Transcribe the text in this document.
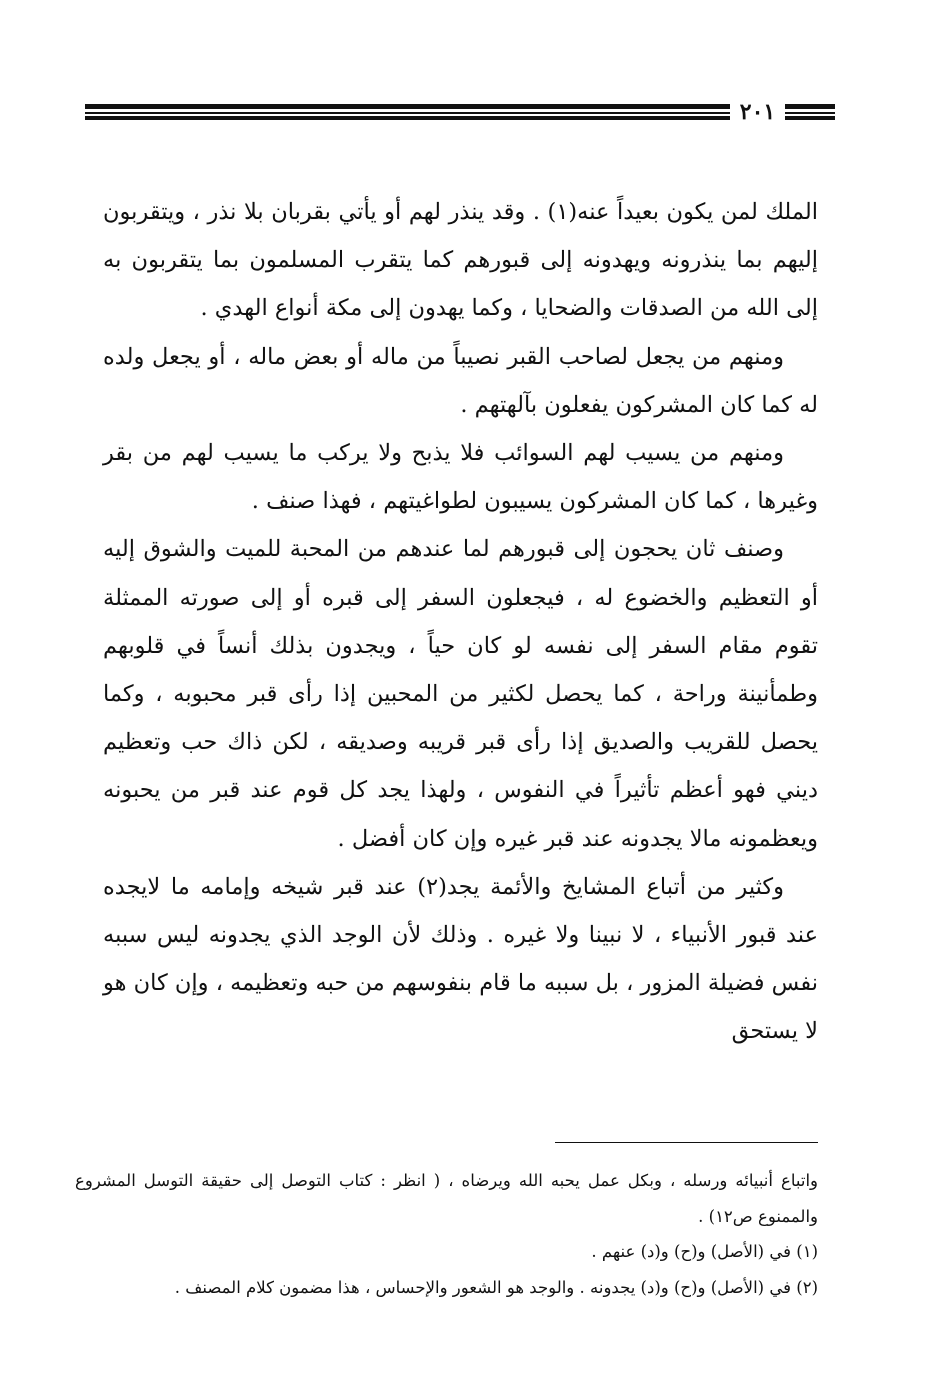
٢٠١

الملك لمن يكون بعيداً عنه(١) . وقد ينذر لهم أو يأتي بقربان بلا نذر ، ويتقربون إليهم بما ينذرونه ويهدونه إلى قبورهم كما يتقرب المسلمون بما يتقربون به إلى الله من الصدقات والضحايا ، وكما يهدون إلى مكة أنواع الهدي .

ومنهم من يجعل لصاحب القبر نصيباً من ماله أو بعض ماله ، أو يجعل ولده له كما كان المشركون يفعلون بآلهتهم .

ومنهم من يسيب لهم السوائب فلا يذبح ولا يركب ما يسيب لهم من بقر وغيرها ، كما كان المشركون يسيبون لطواغيتهم ، فهذا صنف .

وصنف ثان يحجون إلى قبورهم لما عندهم من المحبة للميت والشوق إليه أو التعظيم والخضوع له ، فيجعلون السفر إلى قبره أو إلى صورته الممثلة تقوم مقام السفر إلى نفسه لو كان حياً ، ويجدون بذلك أنساً في قلوبهم وطمأنينة وراحة ، كما يحصل لكثير من المحبين إذا رأى قبر محبوبه ، وكما يحصل للقريب والصديق إذا رأى قبر قريبه وصديقه ، لكن ذاك حب وتعظيم ديني فهو أعظم تأثيراً في النفوس ، ولهذا يجد كل قوم عند قبر من يحبونه ويعظمونه مالا يجدونه عند قبر غيره وإن كان أفضل .

وكثير من أتباع المشايخ والأئمة يجد(٢) عند قبر شيخه وإمامه ما لايجده عند قبور الأنبياء ، لا نبينا ولا غيره . وذلك لأن الوجد الذي يجدونه ليس سببه نفس فضيلة المزور ، بل سببه ما قام بنفوسهم من حبه وتعظيمه ، وإن كان هو لا يستحق

واتباع أنبيائه ورسله ، وبكل عمل يحبه الله ويرضاه ، ( انظر : كتاب التوصل إلى حقيقة التوسل المشروع والممنوع ص١٢) .

(١) في (الأصل) و(ح) و(د) عنهم .

(٢) في (الأصل) و(ح) و(د) يجدونه . والوجد هو الشعور والإحساس ، هذا مضمون كلام المصنف .
